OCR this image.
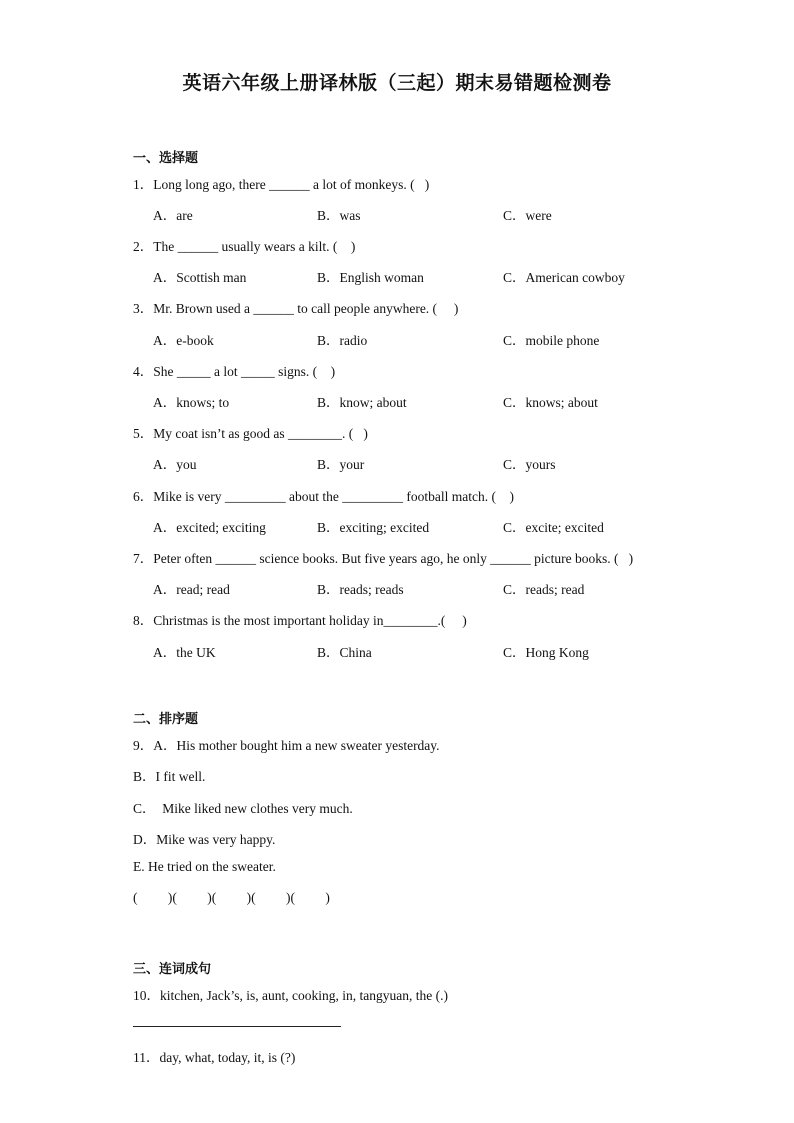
英语六年级上册译林版（三起）期末易错题检测卷
一、选择题
1．Long long ago, there ______ a lot of monkeys. (   )
A．are	B．was	C．were
2．The ______ usually wears a kilt. (    )
A．Scottish man	B．English woman	C．American cowboy
3．Mr. Brown used a ______ to call people anywhere. (     )
A．e-book	B．radio	C．mobile phone
4．She _____ a lot _____ signs. (    )
A．knows; to	B．know; about	C．knows; about
5．My coat isn’t as good as ________. (   )
A．you	B．your	C．yours
6．Mike is very _________ about the _________ football match. (    )
A．excited; exciting	B．exciting; excited	C．excite; excited
7．Peter often ______ science books. But five years ago, he only ______ picture books. (   )
A．read; read	B．reads; reads	C．reads; read
8．Christmas is the most important holiday in________.(     )
A．the UK	B．China	C．Hong Kong
二、排序题
9．A．His mother bought him a new sweater yesterday.
B．I fit well.
C．  Mike liked new clothes very much.
D．Mike was very happy.
E. He tried on the sweater.
(         )(         )(         )(         )(         )
三、连词成句
10．kitchen, Jack’s, is, aunt, cooking, in, tangyuan, the (.)
11．day, what, today, it, is (?)
